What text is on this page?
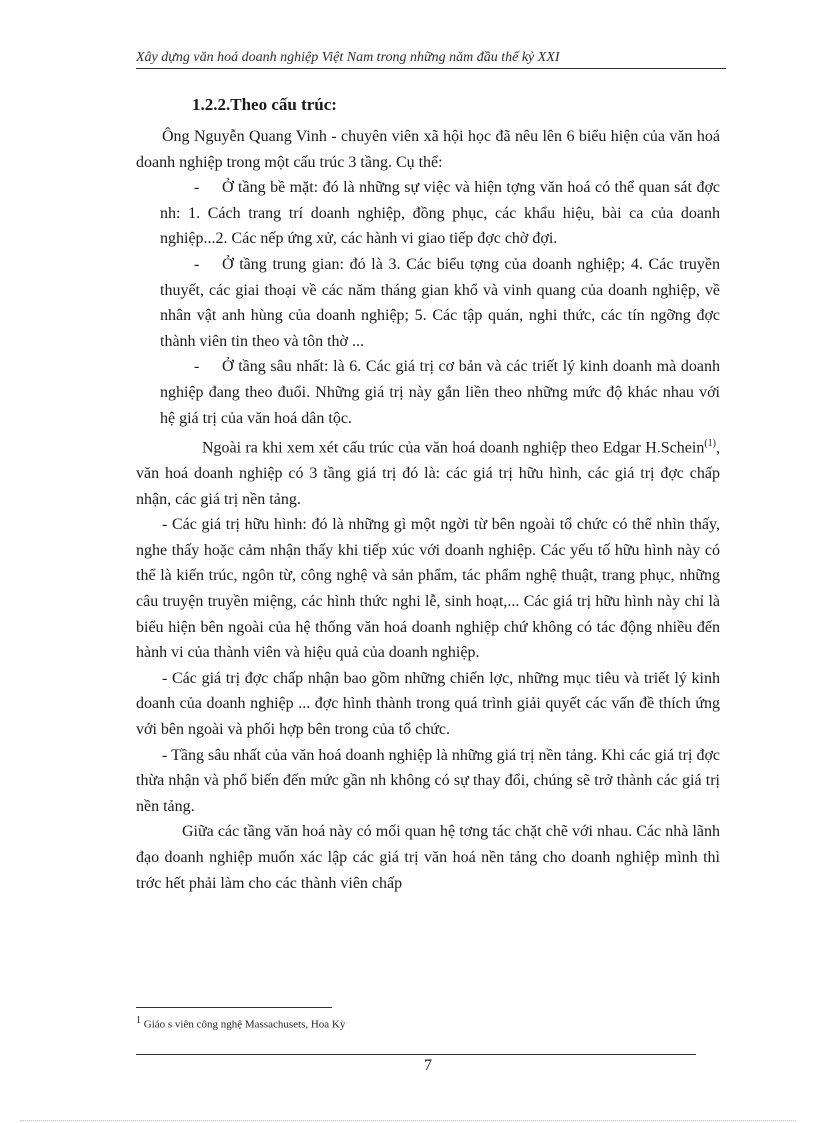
Xây dựng văn hoá doanh nghiệp Việt Nam trong những năm đầu thế kỷ XXI
1.2.2.Theo cấu trúc:

Ông Nguyễn Quang Vinh - chuyên viên xã hội học đã nêu lên 6 biểu hiện của văn hoá doanh nghiệp trong một cấu trúc 3 tầng. Cụ thể:

- Ở tầng bề mặt: đó là những sự việc và hiện tợng văn hoá có thể quan sát đợc nh: 1. Cách trang trí doanh nghiệp, đồng phục, các khẩu hiệu, bài ca của doanh nghiệp...2. Các nếp ứng xử, các hành vi giao tiếp đợc chờ đợi.

- Ở tầng trung gian: đó là 3. Các biểu tợng của doanh nghiệp; 4. Các truyền thuyết, các giai thoại về các năm tháng gian khổ và vinh quang của doanh nghiệp, về nhân vật anh hùng của doanh nghiệp; 5. Các tập quán, nghi thức, các tín ngỡng đợc thành viên tin theo và tôn thờ ...

- Ở tầng sâu nhất: là 6. Các giá trị cơ bản và các triết lý kinh doanh mà doanh nghiệp đang theo đuổi. Những giá trị này gắn liền theo những mức độ khác nhau với hệ giá trị của văn hoá dân tộc.

Ngoài ra khi xem xét cấu trúc của văn hoá doanh nghiệp theo Edgar H.Schein$^{(1)}$, văn hoá doanh nghiệp có 3 tầng giá trị đó là: các giá trị hữu hình, các giá trị đợc chấp nhận, các giá trị nền tảng.

- Các giá trị hữu hình: đó là những gì một ngời từ bên ngoài tổ chức có thể nhìn thấy, nghe thấy hoặc cảm nhận thấy khi tiếp xúc với doanh nghiệp. Các yếu tố hữu hình này có thể là kiến trúc, ngôn từ, công nghệ và sản phẩm, tác phẩm nghệ thuật, trang phục, những câu truyện truyền miệng, các hình thức nghi lễ, sinh hoạt,... Các giá trị hữu hình này chỉ là biểu hiện bên ngoài của hệ thống văn hoá doanh nghiệp chứ không có tác động nhiều đến hành vi của thành viên và hiệu quả của doanh nghiệp.

- Các giá trị đợc chấp nhận bao gồm những chiến lợc, những mục tiêu và triết lý kinh doanh của doanh nghiệp ... đợc hình thành trong quá trình giải quyết các vấn đề thích ứng với bên ngoài và phối hợp bên trong của tổ chức.

- Tầng sâu nhất của văn hoá doanh nghiệp là những giá trị nền tảng. Khi các giá trị đợc thừa nhận và phổ biến đến mức gần nh không có sự thay đổi, chúng sẽ trở thành các giá trị nền tảng.

Giữa các tầng văn hoá này có mối quan hệ tơng tác chặt chẽ với nhau. Các nhà lãnh đạo doanh nghiệp muốn xác lập các giá trị văn hoá nền tảng cho doanh nghiệp mình thì trớc hết phải làm cho các thành viên chấp

$^1$ Giáo s viên công nghệ Massachusets, Hoa Kỳ
7
